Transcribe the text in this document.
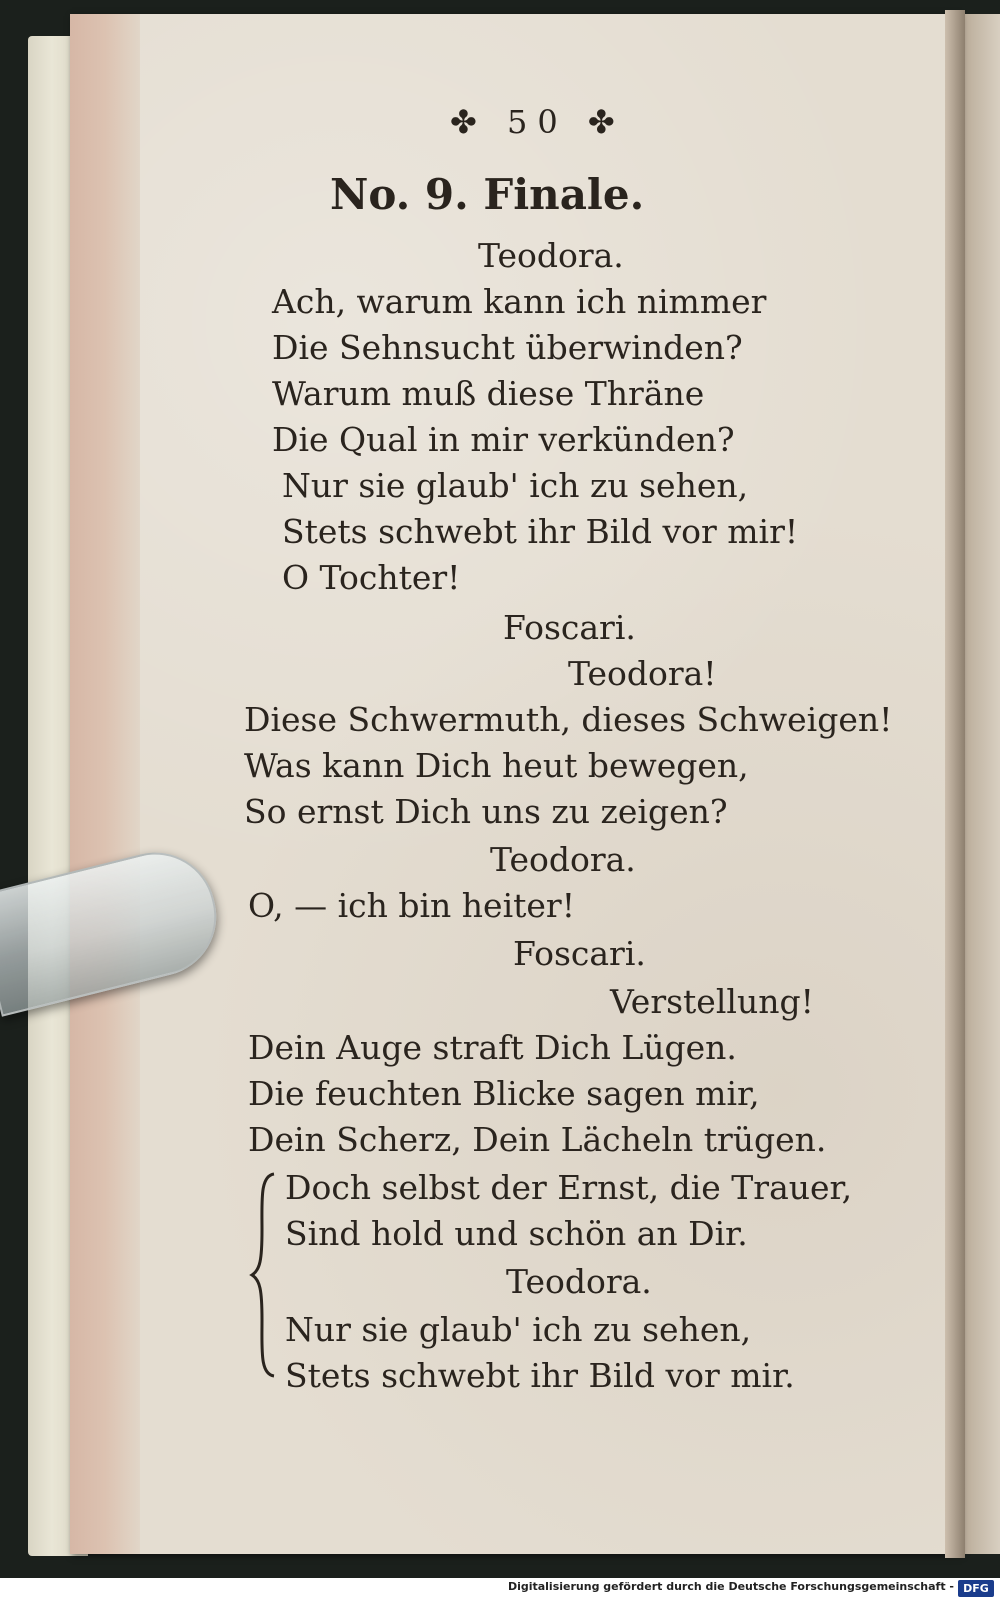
✤ 50 ✤
No. 9. Finale.
Teodora.
Ach, warum kann ich nimmer
Die Sehnsucht überwinden?
Warum muß diese Thräne
Die Qual in mir verkünden?
Nur sie glaub' ich zu sehen,
Stets schwebt ihr Bild vor mir!
O Tochter!
Foscari.
Teodora!
Diese Schwermuth, dieses Schweigen!
Was kann Dich heut bewegen,
So ernst Dich uns zu zeigen?
Teodora.
O, — ich bin heiter!
Foscari.
Verstellung!
Dein Auge straft Dich Lügen.
Die feuchten Blicke sagen mir,
Dein Scherz, Dein Lächeln trügen.
Doch selbst der Ernst, die Trauer,
Sind hold und schön an Dir.
Teodora.
Nur sie glaub' ich zu sehen,
Stets schwebt ihr Bild vor mir.
Digitalisierung gefördert durch die Deutsche Forschungsgemeinschaft - DFG
